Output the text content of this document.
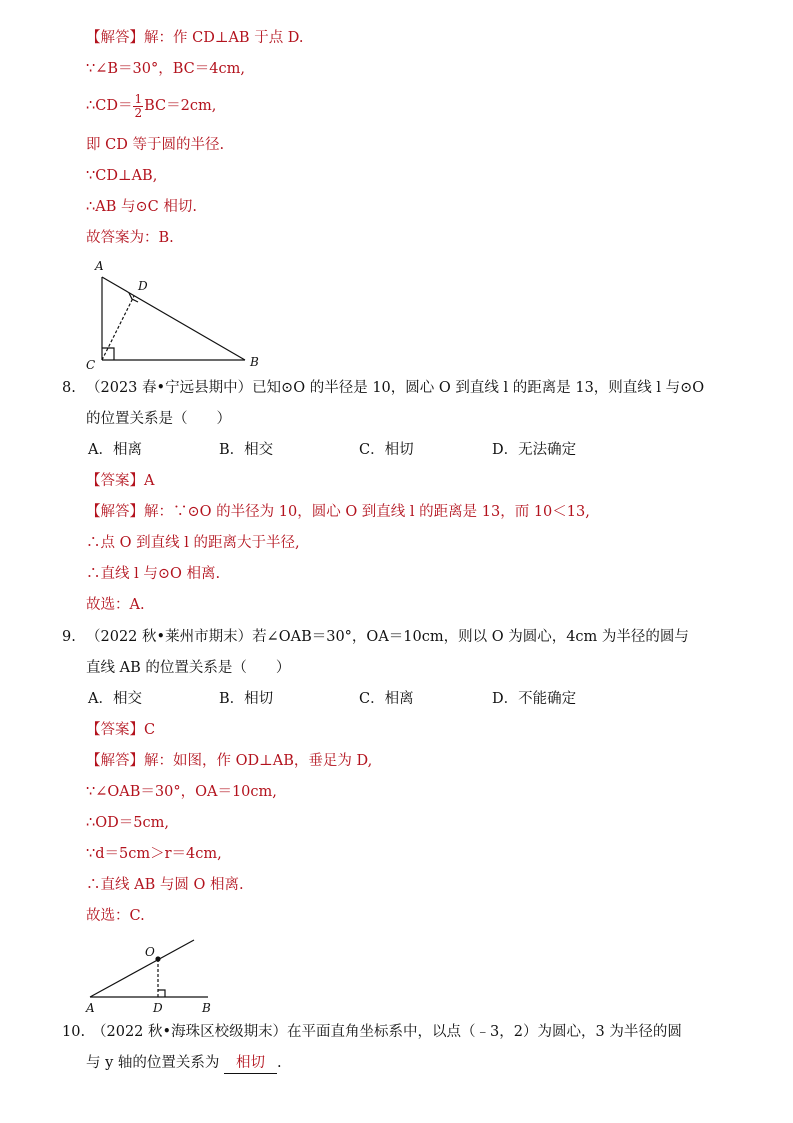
【解答】解：作 CD⊥AB 于点 D.
∵∠B＝30°，BC＝4cm,
∴CD＝ $\frac{1}{2} BC=2cm$,
即 CD 等于圆的半径.
∵CD⊥AB,
∴AB 与⊙C 相切.
故答案为：B.
A
D
C	B
8. （2023 春•宁远县期中）已知⊙O 的半径是 10，圆心 O 到直线 l 的距离是 13，则直线 l 与⊙O
的位置关系是（　　）
A．相离	B．相交	C．相切	D．无法确定
【答案】A
【解答】解：∵⊙O 的半径为 10，圆心 O 到直线 l 的距离是 13，而 10＜13,
∴点 O 到直线 l 的距离大于半径,
∴直线 l 与⊙O 相离.
故选：A.
9. （2022 秋•莱州市期末）若∠OAB＝30°，OA＝10cm，则以 O 为圆心，4cm 为半径的圆与
直线 AB 的位置关系是（　　）
A．相交	B．相切	C．相离	D．不能确定
【答案】C
【解答】解：如图，作 OD⊥AB，垂足为 D,
∵∠OAB＝30°，OA＝10cm,
∴OD＝5cm,
∵d＝5cm＞r＝4cm,
∴直线 AB 与圆 O 相离.
故选：C.
O
A	D	B
10. （2022 秋•海珠区校级期末）在平面直角坐标系中，以点（﹣3，2）为圆心，3 为半径的圆
与 y 轴的位置关系为 相切 .
